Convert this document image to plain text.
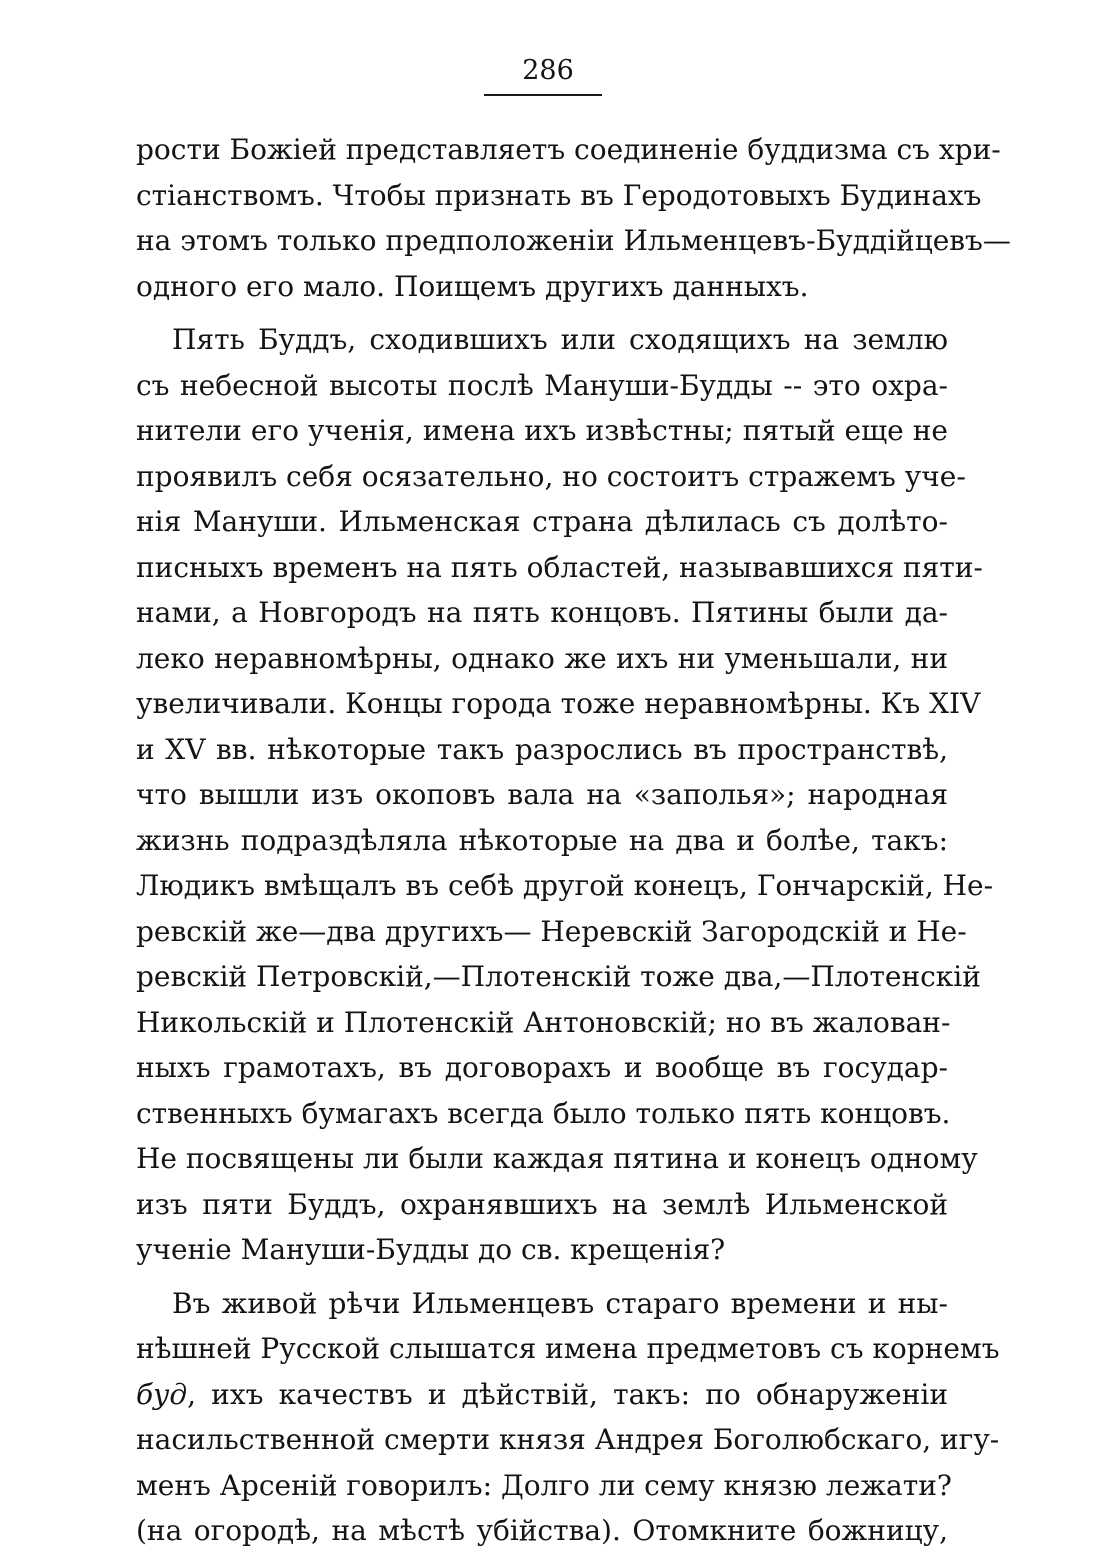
286
рости Божiей представляетъ соединенiе буддизма съ хри-
стiанствомъ. Чтобы признать въ Геродотовыхъ Будинахъ
на этомъ только предположенiи Ильменцевъ-Буддiйцевъ—
одного его мало. Поищемъ другихъ данныхъ.
Пять Буддъ, сходившихъ или сходящихъ на землю
съ небесной высоты послѣ Мануши-Будды -- это охра-
нители его ученiя, имена ихъ извѣстны; пятый еще не
проявилъ себя осязательно, но состоитъ стражемъ уче-
нiя Мануши. Ильменская страна дѣлилась съ долѣто-
писныхъ временъ на пять областей, называвшихся пяти-
нами, а Новгородъ на пять концовъ. Пятины были да-
леко неравномѣрны, однако же ихъ ни уменьшали, ни
увеличивали. Концы города тоже неравномѣрны. Къ XIV
и XV вв. нѣкоторые такъ разрослись въ пространствѣ,
что вышли изъ окоповъ вала на «заполья»; народная
жизнь подраздѣляла нѣкоторые на два и болѣе, такъ:
Людикъ вмѣщалъ въ себѣ другой конецъ, Гончарскiй, Не-
ревскiй же—два другихъ— Неревскiй Загородскiй и Не-
ревскiй Петровскiй,—Плотенскiй тоже два,—Плотенскiй
Никольскiй и Плотенскiй Антоновскiй; но въ жалован-
ныхъ грамотахъ, въ договорахъ и вообще въ государ-
ственныхъ бумагахъ всегда было только пять концовъ.
Не посвящены ли были каждая пятина и конецъ одному
изъ пяти Буддъ, охранявшихъ на землѣ Ильменской
ученiе Мануши-Будды до св. крещенiя?
Въ живой рѣчи Ильменцевъ стараго времени и ны-
нѣшней Русской слышатся имена предметовъ съ корнемъ
буд, ихъ качествъ и дѣйствiй, такъ: по обнаруженiи
насильственной смерти князя Андрея Боголюбскаго, игу-
менъ Арсенiй говорилъ: Долго ли сему князю лежати?
(на огородѣ, на мѣстѣ убiйства). Отомкните божницу,
